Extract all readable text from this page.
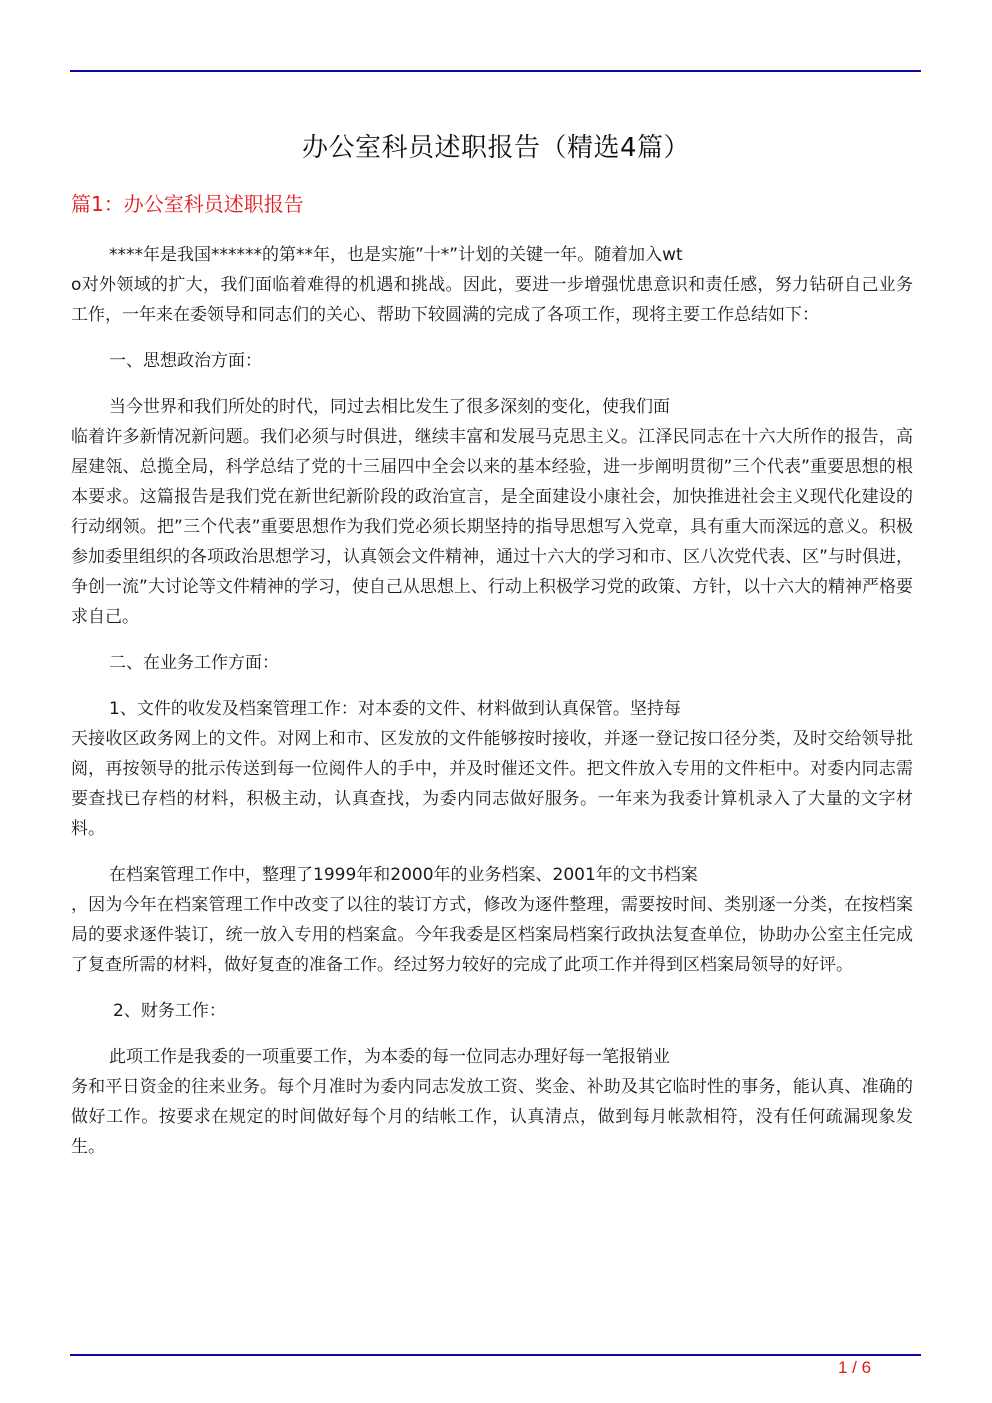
办公室科员述职报告（精选4篇）
篇1：办公室科员述职报告

****年是我国******的第**年，也是实施”十*”计划的关键一年。随着加入wt
o对外领域的扩大，我们面临着难得的机遇和挑战。因此，要进一步增强忧患意识和责任感，努力钻研自己业务工作，一年来在委领导和同志们的关心、帮助下较圆满的完成了各项工作，现将主要工作总结如下：

一、思想政治方面：

当今世界和我们所处的时代，同过去相比发生了很多深刻的变化，使我们面
临着许多新情况新问题。我们必须与时俱进，继续丰富和发展马克思主义。江泽民同志在十六大所作的报告，高屋建瓴、总揽全局，科学总结了党的十三届四中全会以来的基本经验，进一步阐明贯彻”三个代表”重要思想的根本要求。这篇报告是我们党在新世纪新阶段的政治宣言，是全面建设小康社会，加快推进社会主义现代化建设的行动纲领。把”三个代表”重要思想作为我们党必须长期坚持的指导思想写入党章，具有重大而深远的意义。积极参加委里组织的各项政治思想学习，认真领会文件精神，通过十六大的学习和市、区八次党代表、区”与时俱进，争创一流”大讨论等文件精神的学习，使自己从思想上、行动上积极学习党的政策、方针，以十六大的精神严格要求自己。

二、在业务工作方面：

1、文件的收发及档案管理工作：对本委的文件、材料做到认真保管。坚持每
天接收区政务网上的文件。对网上和市、区发放的文件能够按时接收，并逐一登记按口径分类，及时交给领导批阅，再按领导的批示传送到每一位阅件人的手中，并及时催还文件。把文件放入专用的文件柜中。对委内同志需要查找已存档的材料，积极主动，认真查找，为委内同志做好服务。一年来为我委计算机录入了大量的文字材料。

在档案管理工作中，整理了1999年和2000年的业务档案、2001年的文书档案
，因为今年在档案管理工作中改变了以往的装订方式，修改为逐件整理，需要按时间、类别逐一分类，在按档案局的要求逐件装订，统一放入专用的档案盒。今年我委是区档案局档案行政执法复查单位，协助办公室主任完成了复查所需的材料，做好复查的准备工作。经过努力较好的完成了此项工作并得到区档案局领导的好评。

2、财务工作：

此项工作是我委的一项重要工作，为本委的每一位同志办理好每一笔报销业
务和平日资金的往来业务。每个月准时为委内同志发放工资、奖金、补助及其它临时性的事务，能认真、准确的做好工作。按要求在规定的时间做好每个月的结帐工作，认真清点，做到每月帐款相符，没有任何疏漏现象发生。

1 / 6
